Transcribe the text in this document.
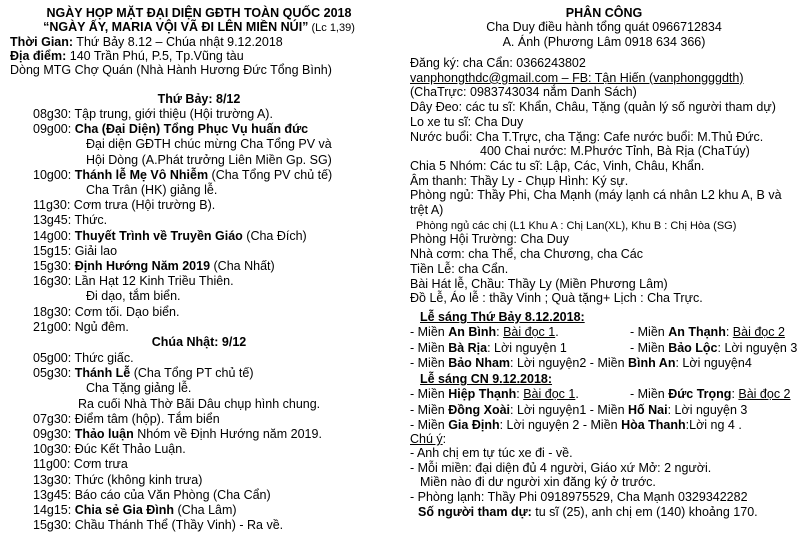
NGÀY HỌP MẶT ĐẠI DIỆN GĐTH TOÀN QUỐC 2018
“NGÀY ẤY, MARIA VỘI VÃ ĐI LÊN MIỀN NÚI” (Lc 1,39)
Thời Gian: Thứ Bảy 8.12 – Chúa nhật 9.12.2018
Địa điểm: 140 Trần Phú, P.5, Tp.Vũng tàu
Dòng MTG Chợ Quán (Nhà Hành Hương Đức Tổng Bình)
Thứ Bảy: 8/12
08g30: Tập trung, giới thiệu (Hội trường A).
09g00: Cha (Đại Diện) Tổng Phục Vụ huấn đức
Đại diện GĐTH chúc mừng Cha Tổng PV và
Hội Dòng (A.Phát trưởng Liên Miền Gp. SG)
10g00: Thánh lễ Mẹ Vô Nhiễm (Cha Tổng PV chủ tế)
Cha Trân (HK) giảng lễ.
11g30: Cơm trưa (Hội trường B).
13g45: Thức.
14g00: Thuyết Trình về Truyền Giáo (Cha Đích)
15g15: Giải lao
15g30: Định Hướng Năm 2019 (Cha Nhất)
16g30: Lần Hạt 12 Kinh Triều Thiên.
Đi dạo, tắm biển.
18g30: Cơm tối. Dạo biển.
21g00: Ngủ đêm.
Chúa Nhật: 9/12
05g00: Thức giấc.
05g30: Thánh Lễ (Cha Tổng PT chủ tế)
Cha Tặng giảng lễ.
Ra cuối Nhà Thờ Bãi Dâu chụp hình chung.
07g30: Điểm tâm (hộp). Tắm biển
09g30: Thảo luận Nhóm về Định Hướng năm 2019.
10g30: Đúc Kết Thảo Luận.
11g00: Cơm trưa
13g30: Thức (không kinh trưa)
13g45: Báo cáo của Văn Phòng (Cha Cẩn)
14g15: Chia sẻ Gia Đình (Cha Lâm)
15g30: Chầu Thánh Thể (Thầy Vinh) - Ra về.
PHÂN CÔNG
Cha Duy điều hành tổng quát 0966712834
A. Ánh (Phương Lâm 0918 634 366)
Đăng ký: cha Cẩn: 0366243802
vanphongthdc@gmail.com – FB: Tận Hiến (vanphongggdth)
(ChaTrực: 0983743034 nắm Danh Sách)
Dây Đeo: các tu sĩ: Khẩn, Châu, Tặng (quản lý số người tham dự)
Lo xe tu sĩ: Cha Duy
Nước buổi: Cha T.Trực, cha Tặng: Cafe nước buổi: M.Thủ Đức.
400 Chai nước: M.Phước Tỉnh, Bà Rịa (ChaTúy)
Chia 5 Nhóm: Các tu sĩ: Lập, Các, Vinh, Châu, Khẩn.
Âm thanh: Thầy Ly - Chụp Hình: Ký sự.
Phòng ngủ: Thầy Phi, Cha Mạnh (máy lạnh cá nhân L2 khu A, B và
trệt A)
Phòng ngủ các chị (L1 Khu A : Chị Lan(XL), Khu B : Chị Hòa (SG)
Phòng Hội Trường: Cha Duy
Nhà cơm: cha Thể, cha Chương, cha Các
Tiền Lễ: cha Cẩn.
Bài Hát lễ, Chầu: Thầy Ly (Miền Phương Lâm)
Đồ Lễ, Áo lễ : thầy Vinh ; Quà tặng+ Lịch : Cha Trực.
Lễ sáng Thứ Bảy 8.12.2018:
- Miền An Bình: Bài đọc 1.	- Miền An Thạnh: Bài đọc 2
- Miền Bà Rịa: Lời nguyện 1	- Miền Bảo Lộc: Lời nguyện 3
- Miền Bảo Nham: Lời nguyện2 - Miền Bình An: Lời nguyện4
Lễ sáng CN 9.12.2018:
- Miền Hiệp Thạnh: Bài đọc 1.	- Miền Đức Trọng: Bài đọc 2
- Miền Đồng Xoài: Lời nguyện1 - Miền Hố Nai: Lời nguyện 3
- Miền Gia Định: Lời nguyện 2 - Miền Hòa Thanh:Lời ng 4 .
Chú ý:
- Anh chị em tự túc xe đi - về.
- Mỗi miền: đại diện đủ 4 người, Giáo xứ Mở: 2 người.
Miền nào đi dư người xin đăng ký ở trước.
- Phòng lạnh: Thầy Phi 0918975529, Cha Mạnh 0329342282
Số người tham dự: tu sĩ (25), anh chị em (140) khoảng 170.
